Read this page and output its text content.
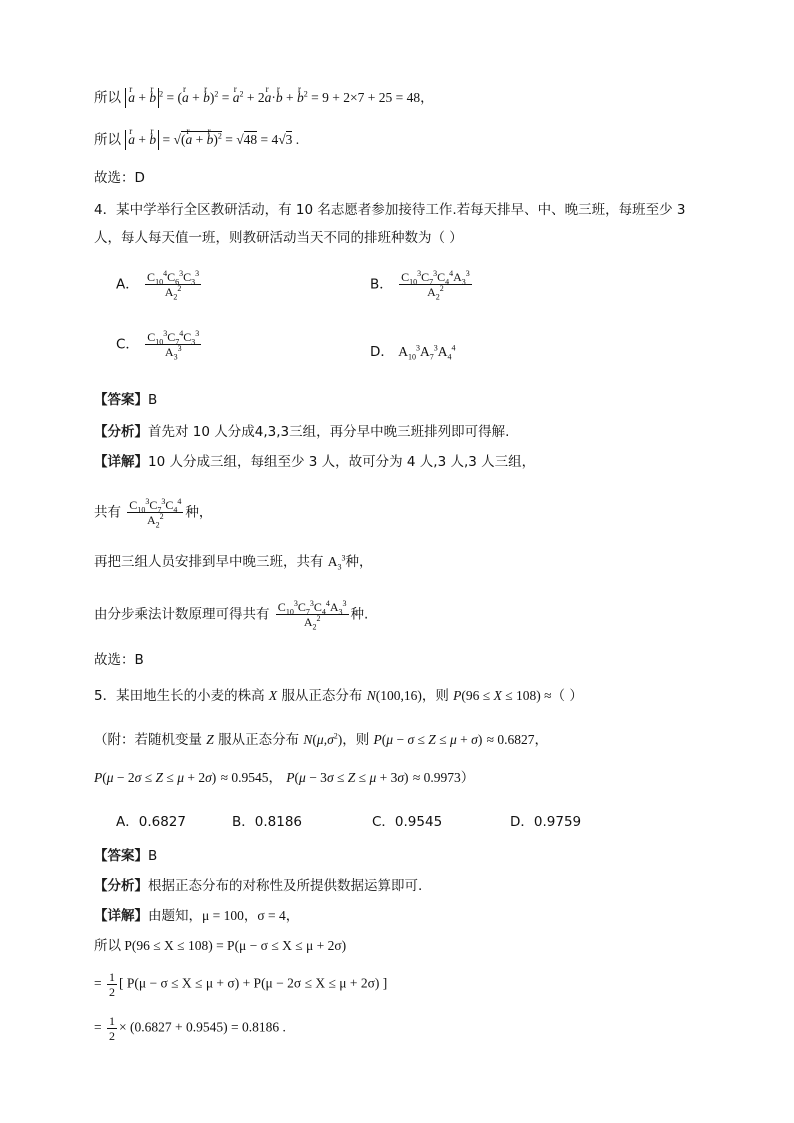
所以 r a + r b $^2$ = (r a + r b)$^2$ = r $a^2 + 2r$ a·r b + r $b^2 = 9 + 2\times 7 + 25 = 48$，
所以 r a + r b = √(r a + r b)$^2$ = √48 = 4√3 .
故选：D
4．某中学举行全区教研活动，有 10 名志愿者参加接待工作.若每天排早、中、晚三班，每班至少 3
人，每人每天值一班，则教研活动当天不同的排班种数为（ ）
A． $\frac{C_{10}^4C_6^3C_3^3}{A_2^2}$	B． $\frac{C_{10}^3C_7^3C_4^4A_3^3}{A_2^2}$
C． $\frac{C_{10}^3C_7^4C_3^3}{A_3^3}$	D． $A_{10}^3A_7^3A_4^4$
【答案】B
【分析】首先对 10 人分成4,3,3三组，再分早中晚三班排列即可得解.
【详解】10 人分成三组，每组至少 3 人，故可分为 4 人,3 人,3 人三组，
共有 $\frac{C_{10}^3C_7^3C_4^4}{A_2^2}$ 种，
再把三组人员安排到早中晚三班，共有 $A_3^3$种，
由分步乘法计数原理可得共有 $\frac{C_{10}^3C_7^3C_4^4A_3^3}{A_2^2}$ 种.
故选：B
5．某田地生长的小麦的株高 X 服从正态分布 N(100,16)，则 P(96 ≤ X ≤ 108) ≈（ ）
（附：若随机变量 Z 服从正态分布 $N(\mu,\sigma^2)$，则 P(μ − σ ≤ Z ≤ μ + σ) ≈ 0.6827，
P(μ − 2σ ≤ Z ≤ μ + 2σ) ≈ 0.9545， P(μ − 3σ ≤ Z ≤ μ + 3σ) ≈ 0.9973）
A．0.6827	B．0.8186	C．0.9545	D．0.9759
【答案】B
【分析】根据正态分布的对称性及所提供数据运算即可.
【详解】由题知，μ = 100，σ = 4，
所以 P(96 ≤ X ≤ 108) = P(μ − σ ≤ X ≤ μ + 2σ)
= $\frac{1}{2}$ [ P(μ − σ ≤ X ≤ μ + σ) + P(μ − 2σ ≤ X ≤ μ + 2σ) ]
= $\frac{1}{2} \times (0.6827 + 0.9545) = 0.8186$ .
